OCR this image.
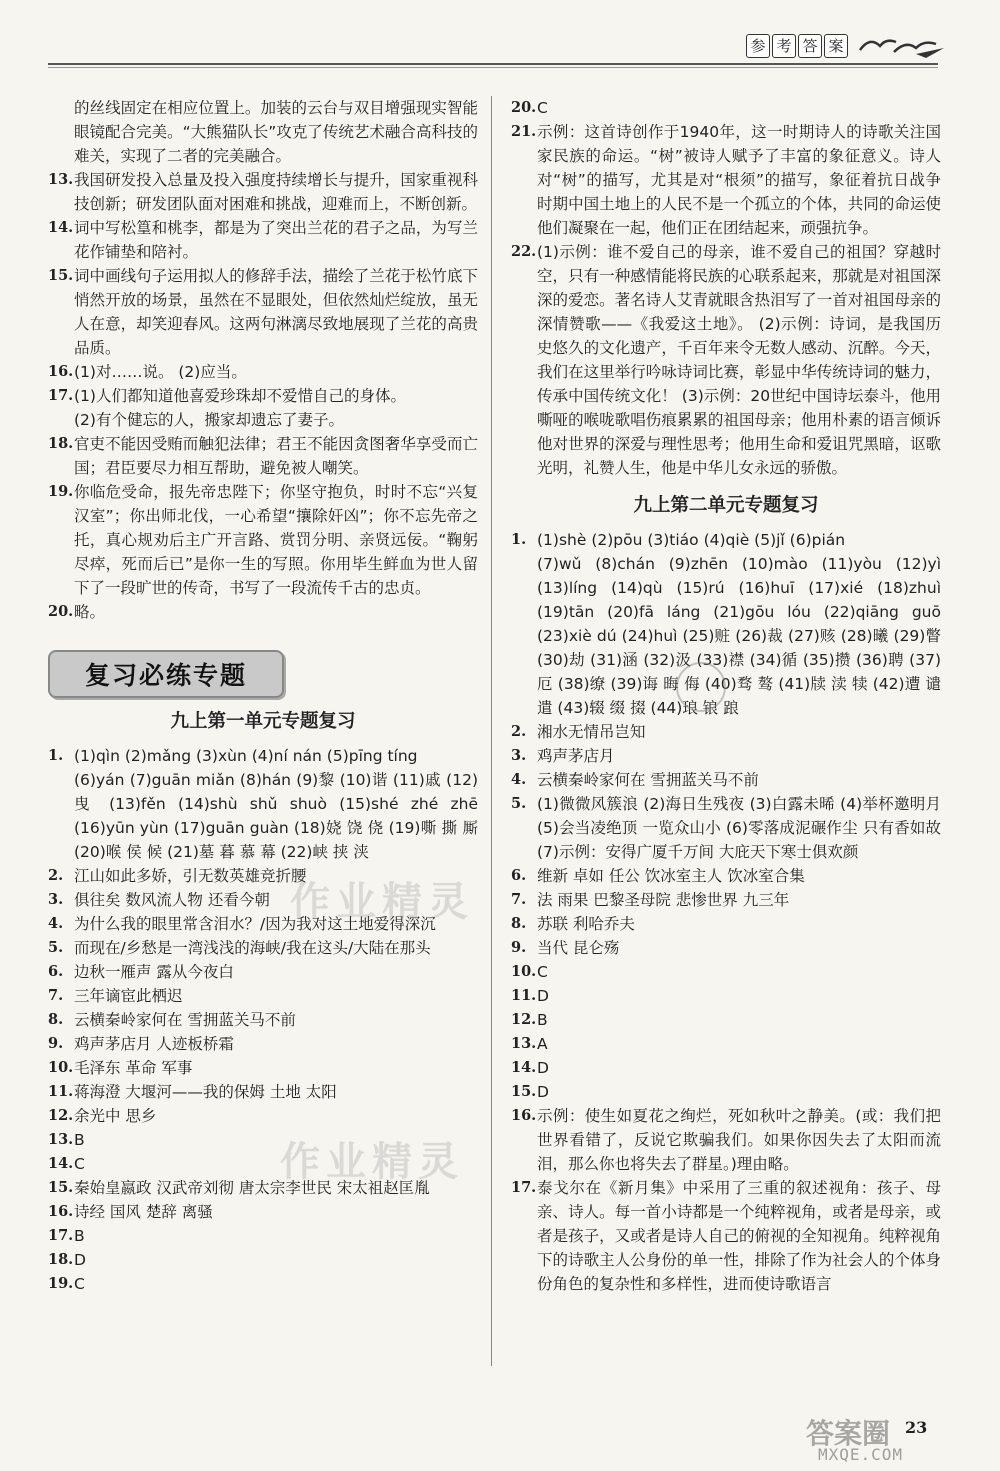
参 考 答 案
的丝线固定在相应位置上。加装的云台与双目增强现实智能眼镜配合完美。“大熊猫队长”攻克了传统艺术融合高科技的难关，实现了二者的完美融合。
13. 我国研发投入总量及投入强度持续增长与提升，国家重视科技创新；研发团队面对困难和挑战，迎难而上，不断创新。
14. 词中写松篁和桃李，都是为了突出兰花的君子之品，为写兰花作铺垫和陪衬。
15. 词中画线句子运用拟人的修辞手法，描绘了兰花于松竹底下悄然开放的场景，虽然在不显眼处，但依然灿烂绽放，虽无人在意，却笑迎春风。这两句淋漓尽致地展现了兰花的高贵品质。
16. (1)对……说。 (2)应当。
17. (1)人们都知道他喜爱珍珠却不爱惜自己的身体。
(2)有个健忘的人，搬家却遗忘了妻子。
18. 官吏不能因受贿而触犯法律；君王不能因贪图奢华享受而亡国；君臣要尽力相互帮助，避免被人嘲笑。
19. 你临危受命，报先帝忠陛下；你坚守抱负，时时不忘“兴复汉室”；你出师北伐，一心希望“攘除奸凶”；你不忘先帝之托，真心规劝后主广开言路、赏罚分明、亲贤远佞。“鞠躬尽瘁，死而后已”是你一生的写照。你用毕生鲜血为世人留下了一段旷世的传奇，书写了一段流传千古的忠贞。
20. 略。
复习必练专题
九上第一单元专题复习
1. (1)qìn (2)mǎng (3)xùn (4)ní nán (5)pīng tíng
(6)yán (7)guān miǎn (8)hán (9)黎 (10)谐 (11)戚 (12)曳 (13)fěn (14)shù shǔ shuò (15)shé zhé zhē (16)yūn yùn (17)guān guàn (18)娆 饶 侥 (19)嘶 撕 厮 (20)喉 侯 候 (21)墓 暮 慕 幕 (22)峡 挟 浃
2. 江山如此多娇，引无数英雄竞折腰
3. 俱往矣 数风流人物 还看今朝
4. 为什么我的眼里常含泪水？/因为我对这土地爱得深沉
5. 而现在/乡愁是一湾浅浅的海峡/我在这头/大陆在那头
6. 边秋一雁声 露从今夜白
7. 三年谪宦此栖迟
8. 云横秦岭家何在 雪拥蓝关马不前
9. 鸡声茅店月 人迹板桥霜
10. 毛泽东 革命 军事
11. 蒋海澄 大堰河——我的保姆 土地 太阳
12. 余光中 思乡
13. B
14. C
15. 秦始皇嬴政 汉武帝刘彻 唐太宗李世民 宋太祖赵匡胤
16. 诗经 国风 楚辞 离骚
17. B
18. D
19. C
20. C
21. 示例：这首诗创作于1940年，这一时期诗人的诗歌关注国家民族的命运。“树”被诗人赋予了丰富的象征意义。诗人对“树”的描写，尤其是对“根须”的描写，象征着抗日战争时期中国土地上的人民不是一个孤立的个体，共同的命运使他们凝聚在一起，他们正在团结起来，顽强抗争。
22. (1)示例：谁不爱自己的母亲，谁不爱自己的祖国？穿越时空，只有一种感情能将民族的心联系起来，那就是对祖国深深的爱恋。著名诗人艾青就眼含热泪写了一首对祖国母亲的深情赞歌——《我爱这土地》。 (2)示例：诗词，是我国历史悠久的文化遗产，千百年来令无数人感动、沉醉。今天，我们在这里举行吟咏诗词比赛，彰显中华传统诗词的魅力，传承中国传统文化！ (3)示例：20世纪中国诗坛泰斗，他用嘶哑的喉咙歌唱伤痕累累的祖国母亲；他用朴素的语言倾诉他对世界的深爱与理性思考；他用生命和爱诅咒黑暗，讴歌光明，礼赞人生，他是中华儿女永远的骄傲。
九上第二单元专题复习
1. (1)shè (2)pōu (3)tiáo (4)qiè (5)jǐ (6)pián
(7)wǔ (8)chán (9)zhēn (10)mào (11)yòu (12)yì (13)líng (14)qù (15)rú (16)huī (17)xié (18)zhuì (19)tān (20)fā láng (21)gōu lóu (22)qiāng guō (23)xiè dú (24)huì (25)赃 (26)裁 (27)赅 (28)曦 (29)瞥 (30)劫 (31)涵 (32)汲 (33)襟 (34)循 (35)攒 (36)聘 (37)厄 (38)缭 (39)诲 晦 侮 (40)骛 骜 (41)牍 渎 犊 (42)遭 谴 遣 (43)辍 缀 掇 (44)琅 锒 踉
2. 湘水无情吊岂知
3. 鸡声茅店月
4. 云横秦岭家何在 雪拥蓝关马不前
5. (1)微微风簇浪 (2)海日生残夜 (3)白露未晞 (4)举杯邀明月 (5)会当凌绝顶 一览众山小 (6)零落成泥碾作尘 只有香如故 (7)示例：安得广厦千万间 大庇天下寒士俱欢颜
6. 维新 卓如 任公 饮冰室主人 饮冰室合集
7. 法 雨果 巴黎圣母院 悲惨世界 九三年
8. 苏联 利哈乔夫
9. 当代 昆仑殇
10. C
11. D
12. B
13. A
14. D
15. D
16. 示例：使生如夏花之绚烂，死如秋叶之静美。(或：我们把世界看错了，反说它欺骗我们。如果你因失去了太阳而流泪，那么你也将失去了群星。)理由略。
17. 泰戈尔在《新月集》中采用了三重的叙述视角：孩子、母亲、诗人。每一首小诗都是一个纯粹视角，或者是母亲，或者是孩子，又或者是诗人自己的俯视的全知视角。纯粹视角下的诗歌主人公身份的单一性，排除了作为社会人的个体身份角色的复杂性和多样性，进而使诗歌语言
作业精灵
作业精灵
23
答案圈
MXQE.COM
